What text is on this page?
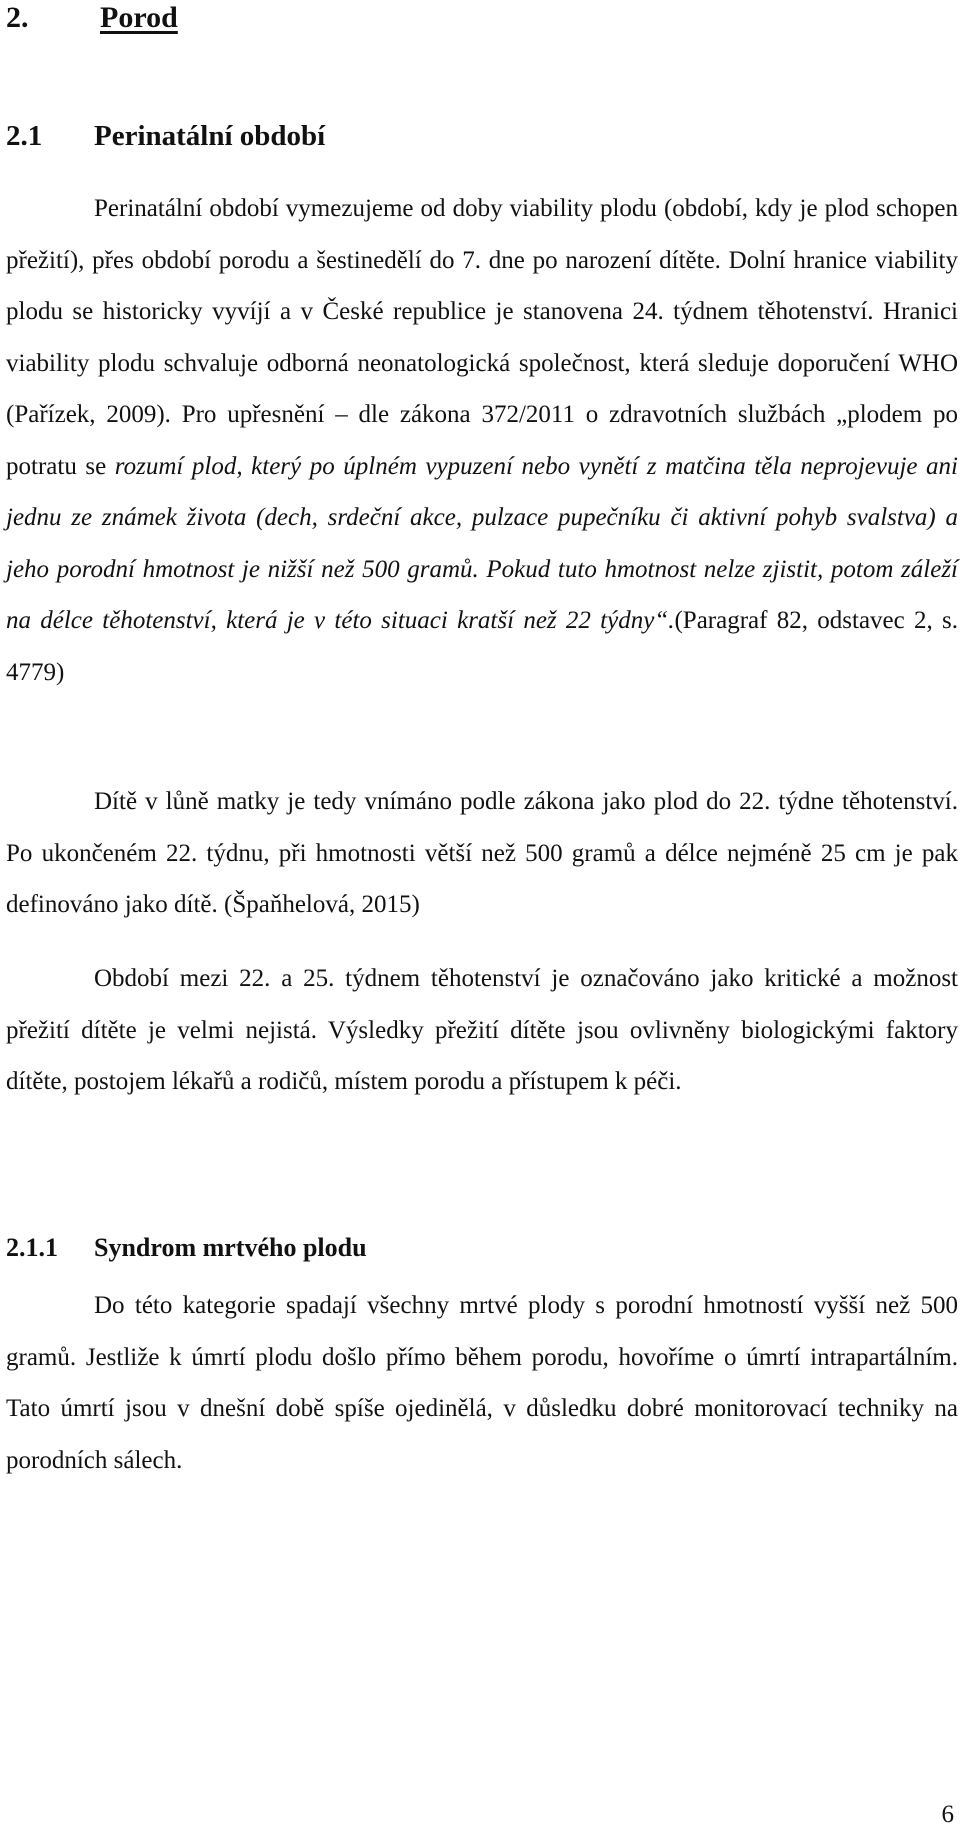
2. Porod
2.1 Perinatální období
Perinatální období vymezujeme od doby viability plodu (období, kdy je plod schopen přežití), přes období porodu a šestinedělí do 7. dne po narození dítěte. Dolní hranice viability plodu se historicky vyvíjí a v České republice je stanovena 24. týdnem těhotenství. Hranici viability plodu schvaluje odborná neonatologická společnost, která sleduje doporučení WHO (Pařízek, 2009). Pro upřesnění – dle zákona 372/2011 o zdravotních službách „plodem po potratu se rozumí plod, který po úplném vypuzení nebo vynětí z matčina těla neprojevuje ani jednu ze známek života (dech, srdeční akce, pulzace pupečníku či aktivní pohyb svalstva) a jeho porodní hmotnost je nižší než 500 gramů. Pokud tuto hmotnost nelze zjistit, potom záleží na délce těhotenství, která je v této situaci kratší než 22 týdny“.(Paragraf 82, odstavec 2, s. 4779)
Dítě v lůně matky je tedy vnímáno podle zákona jako plod do 22. týdne těhotenství. Po ukončeném 22. týdnu, při hmotnosti větší než 500 gramů a délce nejméně 25 cm je pak definováno jako dítě. (Špaňhelová, 2015)
Období mezi 22. a 25. týdnem těhotenství je označováno jako kritické a možnost přežití dítěte je velmi nejistá. Výsledky přežití dítěte jsou ovlivněny biologickými faktory dítěte, postojem lékařů a rodičů, místem porodu a přístupem k péči.
2.1.1 Syndrom mrtvého plodu
Do této kategorie spadají všechny mrtvé plody s porodní hmotností vyšší než 500 gramů. Jestliže k úmrtí plodu došlo přímo během porodu, hovoříme o úmrtí intrapartálním. Tato úmrtí jsou v dnešní době spíše ojedinělá, v důsledku dobré monitorovací techniky na porodních sálech.
6
